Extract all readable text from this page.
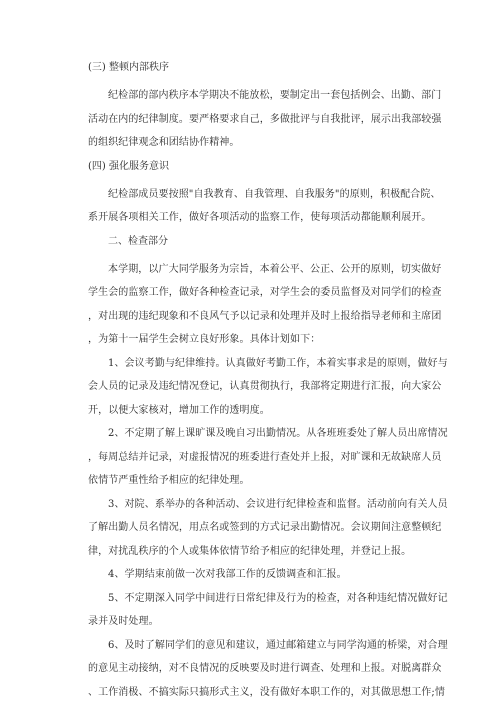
(三) 整顿内部秩序

纪检部的部内秩序本学期决不能放松，要制定出一套包括例会、出勤、部门

活动在内的纪律制度。要严格要求自己，多做批评与自我批评，展示出我部较强

的组织纪律观念和团结协作精神。

(四) 强化服务意识

纪检部成员要按照"自我教育、自我管理、自我服务"的原则，积极配合院、

系开展各项相关工作，做好各项活动的监察工作，使每项活动都能顺利展开。

二、检查部分

本学期，以广大同学服务为宗旨，本着公平、公正、公开的原则，切实做好

学生会的监察工作，做好各种检查记录，对学生会的委员监督及对同学们的检查

，对出现的违纪现象和不良风气予以记录和处理并及时上报给指导老师和主席团

，为第十一届学生会树立良好形象。具体计划如下：

1、会议考勤与纪律维持。认真做好考勤工作，本着实事求是的原则，做好与

会人员的记录及违纪情况登记，认真贯彻执行，我部将定期进行汇报，向大家公

开，以便大家核对，增加工作的透明度。

2、不定期了解上课旷课及晚自习出勤情况。从各班班委处了解人员出席情况

，每周总结并记录，对虚报情况的班委进行查处并上报，对旷课和无故缺席人员

依情节严重性给予相应的纪律处理。

3、对院、系举办的各种活动、会议进行纪律检查和监督。活动前向有关人员

了解出勤人员名情况，用点名或签到的方式记录出勤情况。会议期间注意整顿纪

律，对扰乱秩序的个人或集体依情节给予相应的纪律处理，并登记上报。

4、学期结束前做一次对我部工作的反馈调查和汇报。

5、不定期深入同学中间进行日常纪律及行为的检查，对各种违纪情况做好记

录并及时处理。

6、及时了解同学们的意见和建议，通过邮箱建立与同学沟通的桥梁，对合理

的意见主动接纳，对不良情况的反映要及时进行调查、处理和上报。对脱离群众

、工作消极、不搞实际只搞形式主义，没有做好本职工作的，对其做思想工作;情
